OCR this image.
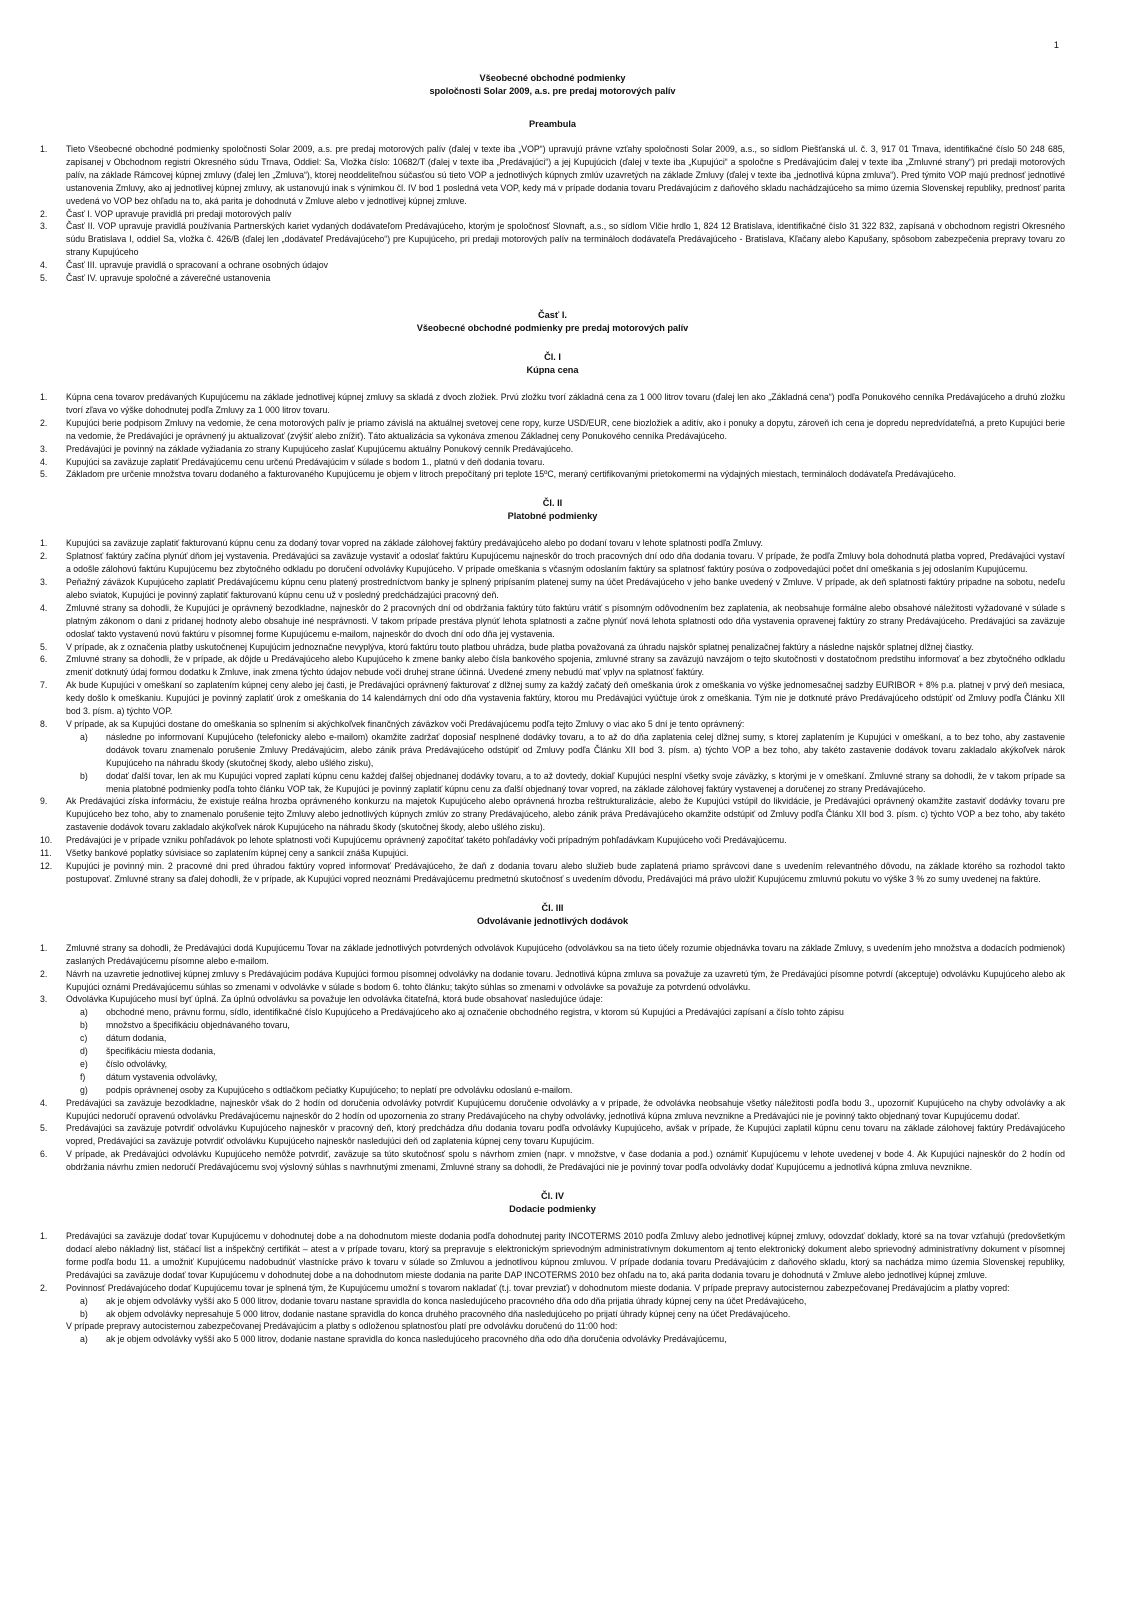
1
Všeobecné obchodné podmienky
spoločnosti Solar 2009, a.s. pre predaj motorových palív
Preambula
1. Tieto Všeobecné obchodné podmienky spoločnosti Solar 2009, a.s. pre predaj motorových palív (ďalej v texte iba „VOP“) upravujú právne vzťahy spoločnosti Solar 2009, a.s., so sídlom Piešťanská ul. č. 3, 917 01 Trnava, identifikačné číslo 50 248 685, zapísanej v Obchodnom registri Okresného súdu Trnava, Oddiel: Sa, Vložka číslo: 10682/T (ďalej v texte iba „Predávajúci“) a jej Kupujúcich (ďalej v texte iba „Kupujúci“ a spoločne s Predávajúcim ďalej v texte iba „Zmluvné strany“) pri predaji motorových palív, na základe Rámcovej kúpnej zmluvy (ďalej len „Zmluva“), ktorej neoddeliteľnou súčasťou sú tieto VOP a jednotlivých kúpnych zmlúv uzavretých na základe Zmluvy (ďalej v texte iba „jednotlivá kúpna zmluva“). Pred týmito VOP majú prednosť jednotlivé ustanovenia Zmluvy, ako aj jednotlivej kúpnej zmluvy, ak ustanovujú inak s výnimkou čl. IV bod 1 posledná veta VOP, kedy má v prípade dodania tovaru Predávajúcim z daňového skladu nachádzajúceho sa mimo územia Slovenskej republiky, prednosť parita uvedená vo VOP bez ohľadu na to, aká parita je dohodnutá v Zmluve alebo v jednotlivej kúpnej zmluve.
2. Časť I. VOP upravuje pravidlá pri predaji motorových palív
3. Časť II. VOP upravuje pravidlá používania Partnerských kariet vydaných dodávateľom Predávajúceho, ktorým je spoločnosť Slovnaft, a.s., so sídlom Vlčie hrdlo 1, 824 12 Bratislava, identifikačné číslo 31 322 832, zapísaná v obchodnom registri Okresného súdu Bratislava I, oddiel Sa, vložka č. 426/B (ďalej len „dodávateľ Predávajúceho“) pre Kupujúceho, pri predaji motorových palív na termináloch dodávateľa Predávajúceho - Bratislava, Kľačany alebo Kapušany, spôsobom zabezpečenia prepravy tovaru zo strany Kupujúceho
4. Časť III. upravuje pravidlá o spracovaní a ochrane osobných údajov
5. Časť IV. upravuje spoločné a záverečné ustanovenia
Časť I.
Všeobecné obchodné podmienky pre predaj motorových palív
Čl. I
Kúpna cena
1. Kúpna cena tovarov predávaných Kupujúcemu na základe jednotlivej kúpnej zmluvy sa skladá z dvoch zložiek. Prvú zložku tvorí základná cena za 1 000 litrov tovaru (ďalej len ako „Základná cena“) podľa Ponukového cenníka Predávajúceho a druhú zložku tvorí zľava vo výške dohodnutej podľa Zmluvy za 1 000 litrov tovaru.
2. Kupujúci berie podpisom Zmluvy na vedomie, že cena motorových palív je priamo závislá na aktuálnej svetovej cene ropy, kurze USD/EUR, cene biozložiek a aditív, ako i ponuky a dopytu, zároveň ich cena je dopredu nepredvídateľná, a preto Kupujúci berie na vedomie, že Predávajúci je oprávnený ju aktualizovať (zvýšiť alebo znížiť). Táto aktualizácia sa vykonáva zmenou Základnej ceny Ponukového cenníka Predávajúceho.
3. Predávajúci je povinný na základe vyžiadania zo strany Kupujúceho zaslať Kupujúcemu aktuálny Ponukový cenník Predávajúceho.
4. Kupujúci sa zaväzuje zaplatiť Predávajúcemu cenu určenú Predávajúcim v súlade s bodom 1., platnú v deň dodania tovaru.
5. Základom pre určenie množstva tovaru dodaného a fakturovaného Kupujúcemu je objem v litroch prepočítaný pri teplote 15ºC, meraný certifikovanými prietokomermi na výdajných miestach, termináloch dodávateľa Predávajúceho.
Čl. II
Platobné podmienky
1. Kupujúci sa zaväzuje zaplatiť fakturovanú kúpnu cenu za dodaný tovar vopred na základe zálohovej faktúry predávajúceho alebo po dodaní tovaru v lehote splatnosti podľa Zmluvy.
2. Splatnosť faktúry začína plynúť dňom jej vystavenia. Predávajúci sa zaväzuje vystaviť a odoslať faktúru Kupujúcemu najneskôr do troch pracovných dní odo dňa dodania tovaru. V prípade, že podľa Zmluvy bola dohodnutá platba vopred, Predávajúci vystaví a odošle zálohovú faktúru Kupujúcemu bez zbytočného odkladu po doručení odvolávky Kupujúceho. V prípade omeškania s včasným odoslaním faktúry sa splatnosť faktúry posúva o zodpovedajúci počet dní omeškania s jej odoslaním Kupujúcemu.
3. Peňažný záväzok Kupujúceho zaplatiť Predávajúcemu kúpnu cenu platený prostredníctvom banky je splnený pripísaním platenej sumy na účet Predávajúceho v jeho banke uvedený v Zmluve. V prípade, ak deň splatnosti faktúry pripadne na sobotu, nedeľu alebo sviatok, Kupujúci je povinný zaplatiť fakturovanú kúpnu cenu už v posledný predchádzajúci pracovný deň.
4. Zmluvné strany sa dohodli, že Kupujúci je oprávnený bezodkladne, najneskôr do 2 pracovných dní od obdržania faktúry túto faktúru vrátiť s písomným odôvodnením bez zaplatenia, ak neobsahuje formálne alebo obsahové náležitosti vyžadované v súlade s platným zákonom o dani z pridanej hodnoty alebo obsahuje iné nesprávnosti. V takom prípade prestáva plynúť lehota splatnosti a začne plynúť nová lehota splatnosti odo dňa vystavenia opravenej faktúry zo strany Predávajúceho. Predávajúci sa zaväzuje odoslať takto vystavenú novú faktúru v písomnej forme Kupujúcemu e-mailom, najneskôr do dvoch dní odo dňa jej vystavenia.
5. V prípade, ak z označenia platby uskutočnenej Kupujúcim jednoznačne nevyplýva, ktorú faktúru touto platbou uhrádza, bude platba považovaná za úhradu najskôr splatnej penalizačnej faktúry a následne najskôr splatnej dlžnej čiastky.
6. Zmluvné strany sa dohodli, že v prípade, ak dôjde u Predávajúceho alebo Kupujúceho k zmene banky alebo čísla bankového spojenia, zmluvné strany sa zaväzujú navzájom o tejto skutočnosti v dostatočnom predstihu informovať a bez zbytočného odkladu zmeniť dotknutý údaj formou dodatku k Zmluve, inak zmena týchto údajov nebude voči druhej strane účinná. Uvedené zmeny nebudú mať vplyv na splatnosť faktúry.
7. Ak bude Kupujúci v omeškaní so zaplatením kúpnej ceny alebo jej časti, je Predávajúci oprávnený fakturovať z dlžnej sumy za každý začatý deň omeškania úrok z omeškania vo výške jednomesačnej sadzby EURIBOR + 8% p.a. platnej v prvý deň mesiaca, kedy došlo k omeškaniu. Kupujúci je povinný zaplatiť úrok z omeškania do 14 kalendárnych dní odo dňa vystavenia faktúry, ktorou mu Predávajúci vyúčtuje úrok z omeškania. Tým nie je dotknuté právo Predávajúceho odstúpiť od Zmluvy podľa Článku XII bod 3. písm. a) týchto VOP.
8. V prípade, ak sa Kupujúci dostane do omeškania so splnením si akýchkoľvek finančných záväzkov voči Predávajúcemu podľa tejto Zmluvy o viac ako 5 dní je tento oprávnený:
a) následne po informovaní Kupujúceho (telefonicky alebo e-mailom) okamžite zadržať doposiaľ nesplnené dodávky tovaru, a to až do dňa zaplatenia celej dlžnej sumy, s ktorej zaplatením je Kupujúci v omeškaní, a to bez toho, aby zastavenie dodávok tovaru znamenalo porušenie Zmluvy Predávajúcim, alebo zánik práva Predávajúceho odstúpiť od Zmluvy podľa Článku XII bod 3. písm. a) týchto VOP a bez toho, aby takéto zastavenie dodávok tovaru zakladalo akýkoľvek nárok Kupujúceho na náhradu škody (skutočnej škody, alebo ušlého zisku),
b) dodať ďalší tovar, len ak mu Kupujúci vopred zaplatí kúpnu cenu každej ďalšej objednanej dodávky tovaru, a to až dovtedy, dokiaľ Kupujúci nesplní všetky svoje záväzky, s ktorými je v omeškaní. Zmluvné strany sa dohodli, že v takom prípade sa menia platobné podmienky podľa tohto článku VOP tak, že Kupujúci je povinný zaplatiť kúpnu cenu za ďalší objednaný tovar vopred, na základe zálohovej faktúry vystavenej a doručenej zo strany Predávajúceho.
9. Ak Predávajúci získa informáciu, že existuje reálna hrozba oprávneného konkurzu na majetok Kupujúceho alebo oprávnená hrozba reštrukturalizácie, alebo že Kupujúci vstúpil do likvidácie, je Predávajúci oprávnený okamžite zastaviť dodávky tovaru pre Kupujúceho bez toho, aby to znamenalo porušenie tejto Zmluvy alebo jednotlivých kúpnych zmlúv zo strany Predávajúceho, alebo zánik práva Predávajúceho okamžite odstúpiť od Zmluvy podľa Článku XII bod 3. písm. c) týchto VOP a bez toho, aby takéto zastavenie dodávok tovaru zakladalo akýkoľvek nárok Kupujúceho na náhradu škody (skutočnej škody, alebo ušlého zisku).
10. Predávajúci je v prípade vzniku pohľadávok po lehote splatnosti voči Kupujúcemu oprávnený započítať takéto pohľadávky voči prípadným pohľadávkam Kupujúceho voči Predávajúcemu.
11. Všetky bankové poplatky súvisiace so zaplatením kúpnej ceny a sankcií znáša Kupujúci.
12. Kupujúci je povinný min. 2 pracovné dni pred úhradou faktúry vopred informovať Predávajúceho, že daň z dodania tovaru alebo služieb bude zaplatená priamo správcovi dane s uvedením relevantného dôvodu, na základe ktorého sa rozhodol takto postupovať. Zmluvné strany sa ďalej dohodli, že v prípade, ak Kupujúci vopred neoznámi Predávajúcemu predmetnú skutočnosť s uvedením dôvodu, Predávajúci má právo uložiť Kupujúcemu zmluvnú pokutu vo výške 3 % zo sumy uvedenej na faktúre.
Čl. III
Odvolávanie jednotlivých dodávok
1. Zmluvné strany sa dohodli, že Predávajúci dodá Kupujúcemu Tovar na základe jednotlivých potvrdených odvolávok Kupujúceho (odvolávkou sa na tieto účely rozumie objednávka tovaru na základe Zmluvy, s uvedením jeho množstva a dodacích podmienok) zaslaných Predávajúcemu písomne alebo e-mailom.
2. Návrh na uzavretie jednotlivej kúpnej zmluvy s Predávajúcim podáva Kupujúci formou písomnej odvolávky na dodanie tovaru. Jednotlivá kúpna zmluva sa považuje za uzavretú tým, že Predávajúci písomne potvrdí (akceptuje) odvolávku Kupujúceho alebo ak Kupujúci oznámi Predávajúcemu súhlas so zmenami v odvolávke v súlade s bodom 6. tohto článku; takýto súhlas so zmenami v odvolávke sa považuje za potvrdenú odvolávku.
3. Odvolávka Kupujúceho musí byť úplná. Za úplnú odvolávku sa považuje len odvolávka čitateľná, ktorá bude obsahovať nasledujúce údaje:
a) obchodné meno, právnu formu, sídlo, identifikačné číslo Kupujúceho a Predávajúceho ako aj označenie obchodného registra, v ktorom sú Kupujúci a Predávajúci zapísaní a číslo tohto zápisu
b) množstvo a špecifikáciu objednávaného tovaru,
c) dátum dodania,
d) špecifikáciu miesta dodania,
e) číslo odvolávky,
f) dátum vystavenia odvolávky,
g) podpis oprávnenej osoby za Kupujúceho s odtlačkom pečiatky Kupujúceho; to neplatí pre odvolávku odoslanú e-mailom.
4. Predávajúci sa zaväzuje bezodkladne, najneskôr však do 2 hodín od doručenia odvolávky potvrdiť Kupujúcemu doručenie odvolávky a v prípade, že odvolávka neobsahuje všetky náležitosti podľa bodu 3., upozorniť Kupujúceho na chyby odvolávky a ak Kupujúci nedoručí opravenú odvolávku Predávajúcemu najneskôr do 2 hodín od upozornenia zo strany Predávajúceho na chyby odvolávky, jednotlivá kúpna zmluva nevznikne a Predávajúci nie je povinný takto objednaný tovar Kupujúcemu dodať.
5. Predávajúci sa zaväzuje potvrdiť odvolávku Kupujúceho najneskôr v pracovný deň, ktorý predchádza dňu dodania tovaru podľa odvolávky Kupujúceho, avšak v prípade, že Kupujúci zaplatil kúpnu cenu tovaru na základe zálohovej faktúry Predávajúceho vopred, Predávajúci sa zaväzuje potvrdiť odvolávku Kupujúceho najneskôr nasledujúci deň od zaplatenia kúpnej ceny tovaru Kupujúcim.
6. V prípade, ak Predávajúci odvolávku Kupujúceho nemôže potvrdiť, zaväzuje sa túto skutočnosť spolu s návrhom zmien (napr. v množstve, v čase dodania a pod.) oznámiť Kupujúcemu v lehote uvedenej v bode 4. Ak Kupujúci najneskôr do 2 hodín od obdržania návrhu zmien nedoručí Predávajúcemu svoj výslovný súhlas s navrhnutými zmenami, Zmluvné strany sa dohodli, že Predávajúci nie je povinný tovar podľa odvolávky dodať Kupujúcemu a jednotlivá kúpna zmluva nevznikne.
Čl. IV
Dodacie podmienky
1. Predávajúci sa zaväzuje dodať tovar Kupujúcemu v dohodnutej dobe a na dohodnutom mieste dodania podľa dohodnutej parity INCOTERMS 2010 podľa Zmluvy alebo jednotlivej kúpnej zmluvy, odovzdať doklady, ktoré sa na tovar vzťahujú (predovšetkým dodací alebo nákladný list, stáčací list a inšpekčný certifikát – atest a v prípade tovaru, ktorý sa prepravuje s elektronickým sprievodným administratívnym dokumentom aj tento elektronický dokument alebo sprievodný administratívny dokument v písomnej forme podľa bodu 11. a umožniť Kupujúcemu nadobudnúť vlastnícke právo k tovaru v súlade so Zmluvou a jednotlivou kúpnou zmluvou. V prípade dodania tovaru Predávajúcim z daňového skladu, ktorý sa nachádza mimo územia Slovenskej republiky, Predávajúci sa zaväzuje dodať tovar Kupujúcemu v dohodnutej dobe a na dohodnutom mieste dodania na parite DAP INCOTERMS 2010 bez ohľadu na to, aká parita dodania tovaru je dohodnutá v Zmluve alebo jednotlivej kúpnej zmluve.
2. Povinnosť Predávajúceho dodať Kupujúcemu tovar je splnená tým, že Kupujúcemu umožní s tovarom nakladať (t.j. tovar prevziať) v dohodnutom mieste dodania. V prípade prepravy autocisternou zabezpečovanej Predávajúcim a platby vopred:
a) ak je objem odvolávky vyšší ako 5 000 litrov, dodanie tovaru nastane spravidla do konca nasledujúceho pracovného dňa odo dňa prijatia úhrady kúpnej ceny na účet Predávajúceho,
b) ak objem odvolávky nepresahuje 5 000 litrov, dodanie nastane spravidla do konca druhého pracovného dňa nasledujúceho po prijatí úhrady kúpnej ceny na účet Predávajúceho.
V prípade prepravy autocisternou zabezpečovanej Predávajúcim a platby s odloženou splatnosťou platí pre odvolávku doručenú do 11:00 hod:
a) ak je objem odvolávky vyšší ako 5 000 litrov, dodanie nastane spravidla do konca nasledujúceho pracovného dňa odo dňa doručenia odvolávky Predávajúcemu,
